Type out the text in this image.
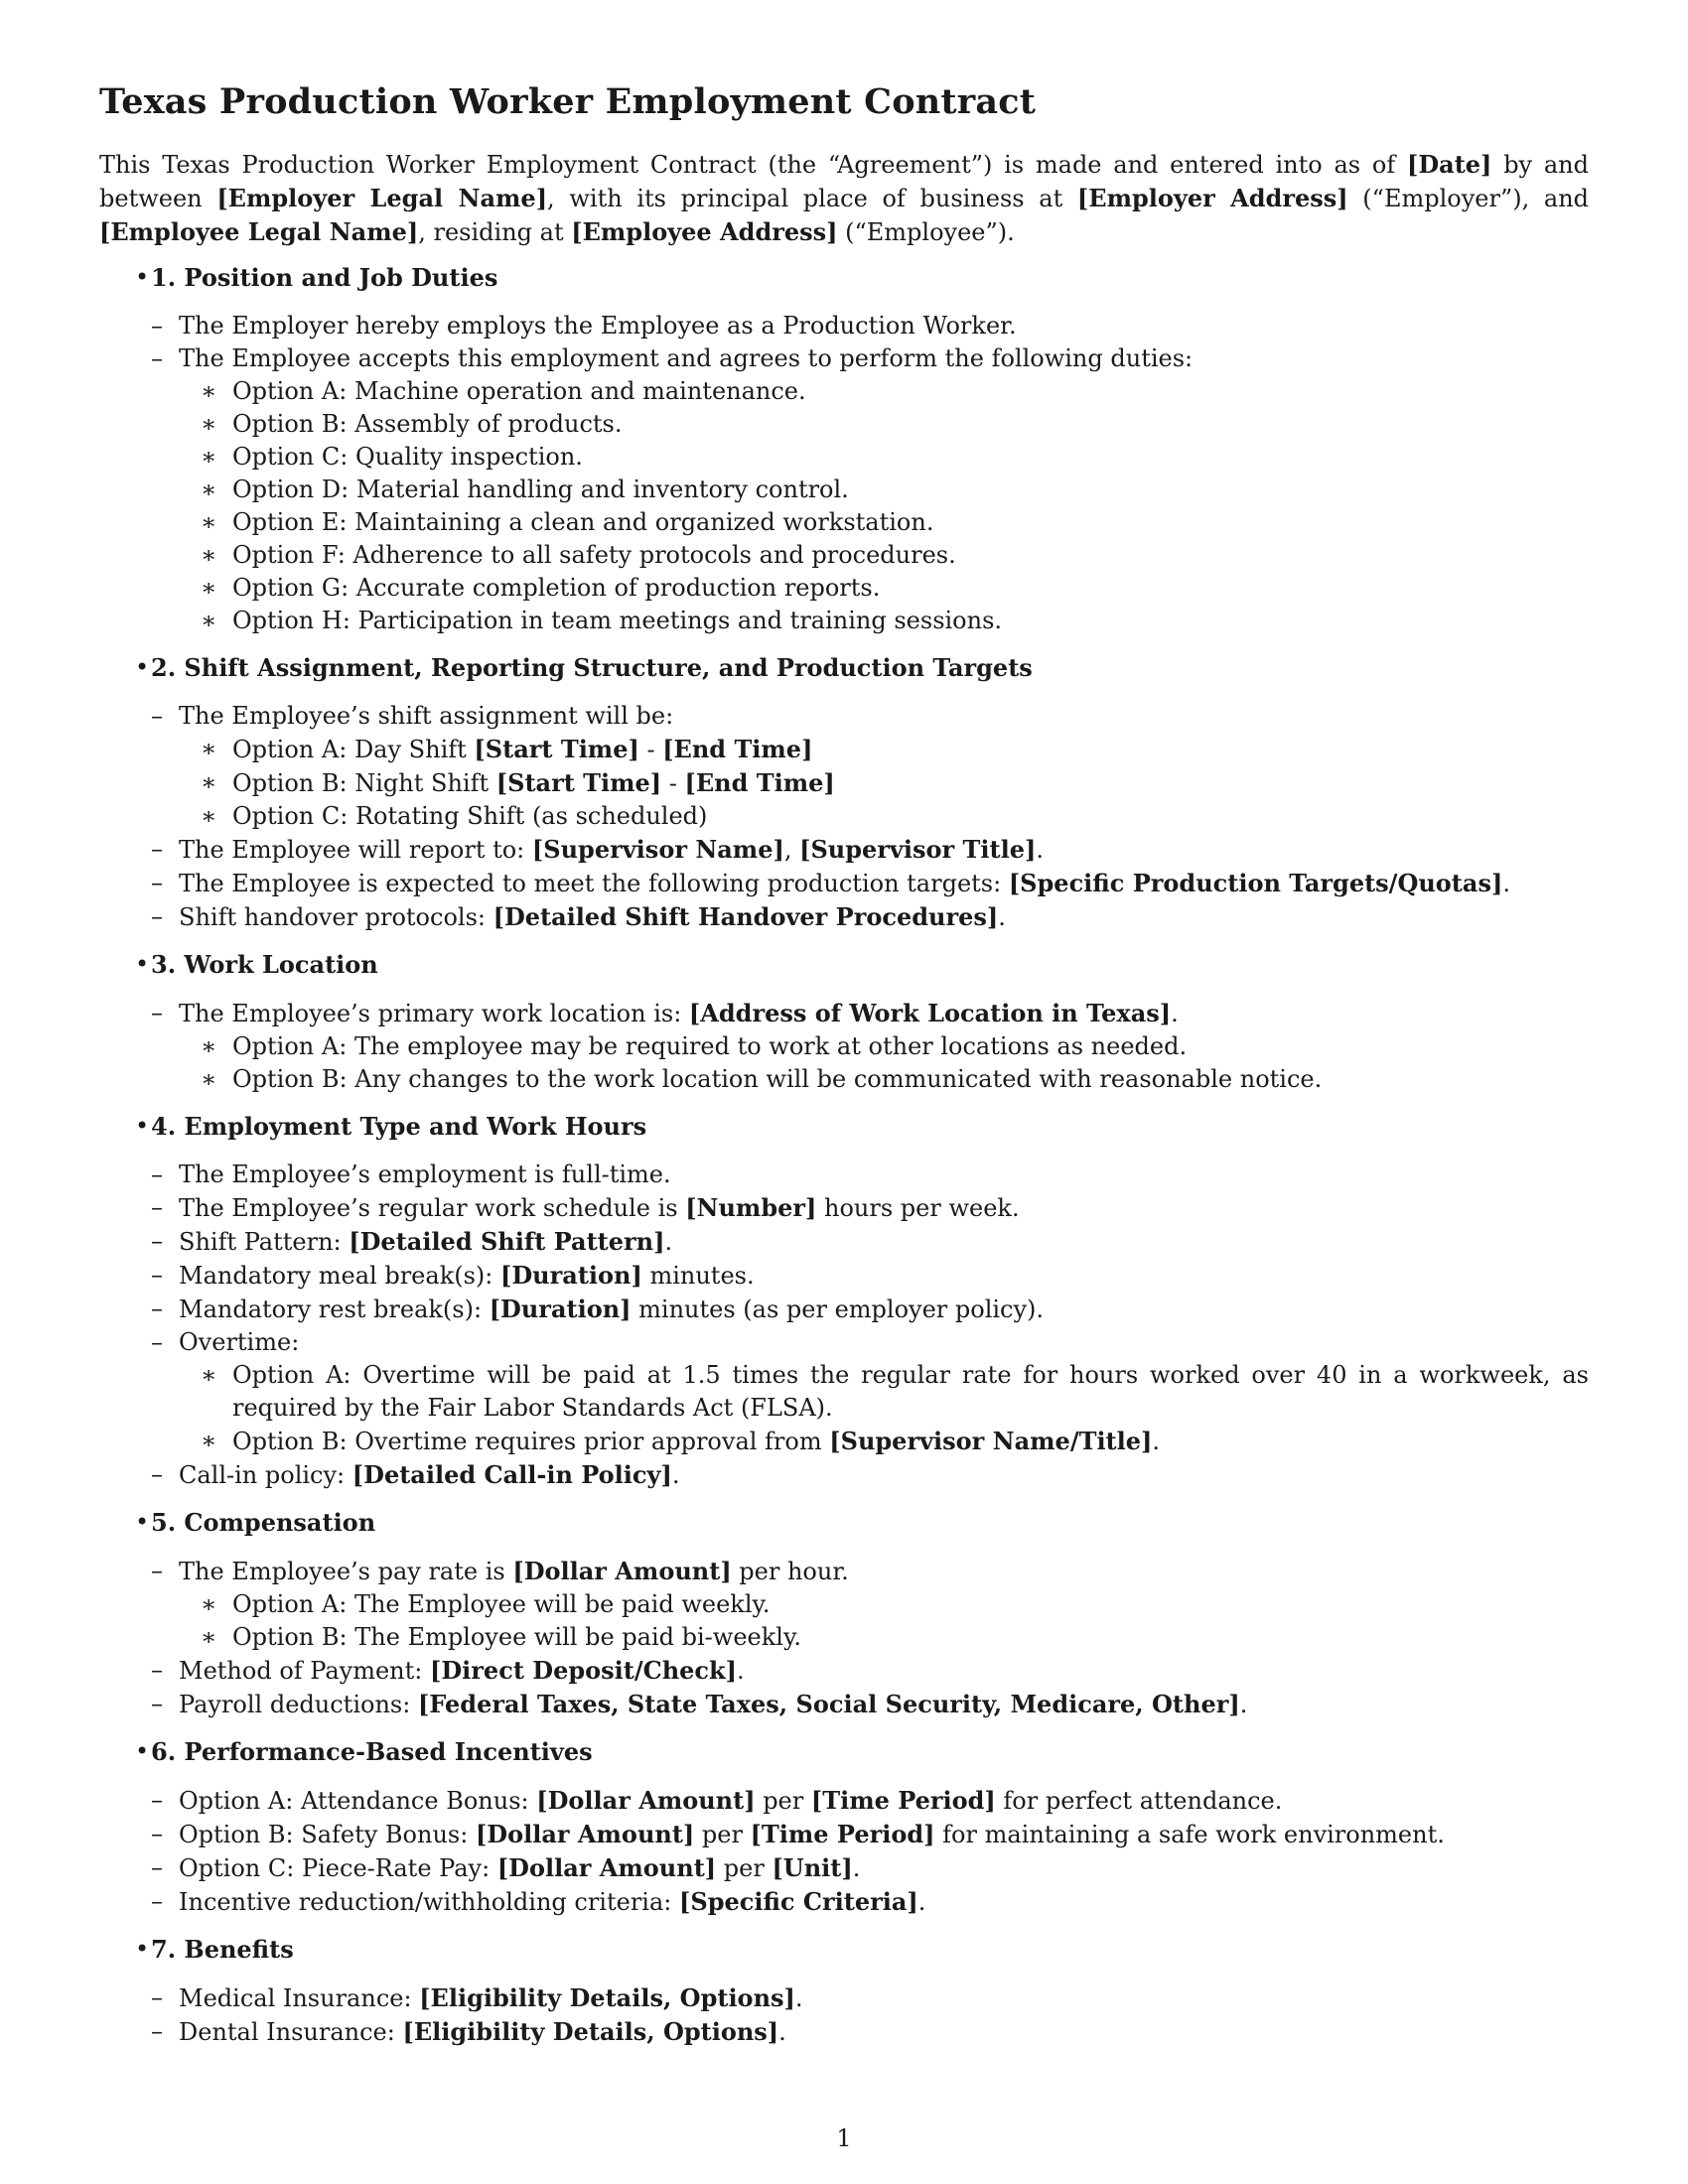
Texas Production Worker Employment Contract

This Texas Production Worker Employment Contract (the “Agreement”) is made and entered into as of [Date] by and between [Employer Legal Name], with its principal place of business at [Employer Address] (“Employer”), and [Employee Legal Name], residing at [Employee Address] (“Employee”).

• 1. Position and Job Duties
– The Employer hereby employs the Employee as a Production Worker.
– The Employee accepts this employment and agrees to perform the following duties:
∗ Option A: Machine operation and maintenance.
∗ Option B: Assembly of products.
∗ Option C: Quality inspection.
∗ Option D: Material handling and inventory control.
∗ Option E: Maintaining a clean and organized workstation.
∗ Option F: Adherence to all safety protocols and procedures.
∗ Option G: Accurate completion of production reports.
∗ Option H: Participation in team meetings and training sessions.
• 2. Shift Assignment, Reporting Structure, and Production Targets
– The Employee’s shift assignment will be:
∗ Option A: Day Shift [Start Time] - [End Time]
∗ Option B: Night Shift [Start Time] - [End Time]
∗ Option C: Rotating Shift (as scheduled)
– The Employee will report to: [Supervisor Name], [Supervisor Title].
– The Employee is expected to meet the following production targets: [Specific Production Targets/Quotas].
– Shift handover protocols: [Detailed Shift Handover Procedures].
• 3. Work Location
– The Employee’s primary work location is: [Address of Work Location in Texas].
∗ Option A: The employee may be required to work at other locations as needed.
∗ Option B: Any changes to the work location will be communicated with reasonable notice.
• 4. Employment Type and Work Hours
– The Employee’s employment is full-time.
– The Employee’s regular work schedule is [Number] hours per week.
– Shift Pattern: [Detailed Shift Pattern].
– Mandatory meal break(s): [Duration] minutes.
– Mandatory rest break(s): [Duration] minutes (as per employer policy).
– Overtime:
∗ Option A: Overtime will be paid at 1.5 times the regular rate for hours worked over 40 in a workweek, as required by the Fair Labor Standards Act (FLSA).
∗ Option B: Overtime requires prior approval from [Supervisor Name/Title].
– Call-in policy: [Detailed Call-in Policy].
• 5. Compensation
– The Employee’s pay rate is [Dollar Amount] per hour.
∗ Option A: The Employee will be paid weekly.
∗ Option B: The Employee will be paid bi-weekly.
– Method of Payment: [Direct Deposit/Check].
– Payroll deductions: [Federal Taxes, State Taxes, Social Security, Medicare, Other].
• 6. Performance-Based Incentives
– Option A: Attendance Bonus: [Dollar Amount] per [Time Period] for perfect attendance.
– Option B: Safety Bonus: [Dollar Amount] per [Time Period] for maintaining a safe work environment.
– Option C: Piece-Rate Pay: [Dollar Amount] per [Unit].
– Incentive reduction/withholding criteria: [Specific Criteria].
• 7. Benefits
– Medical Insurance: [Eligibility Details, Options].
– Dental Insurance: [Eligibility Details, Options].
1
